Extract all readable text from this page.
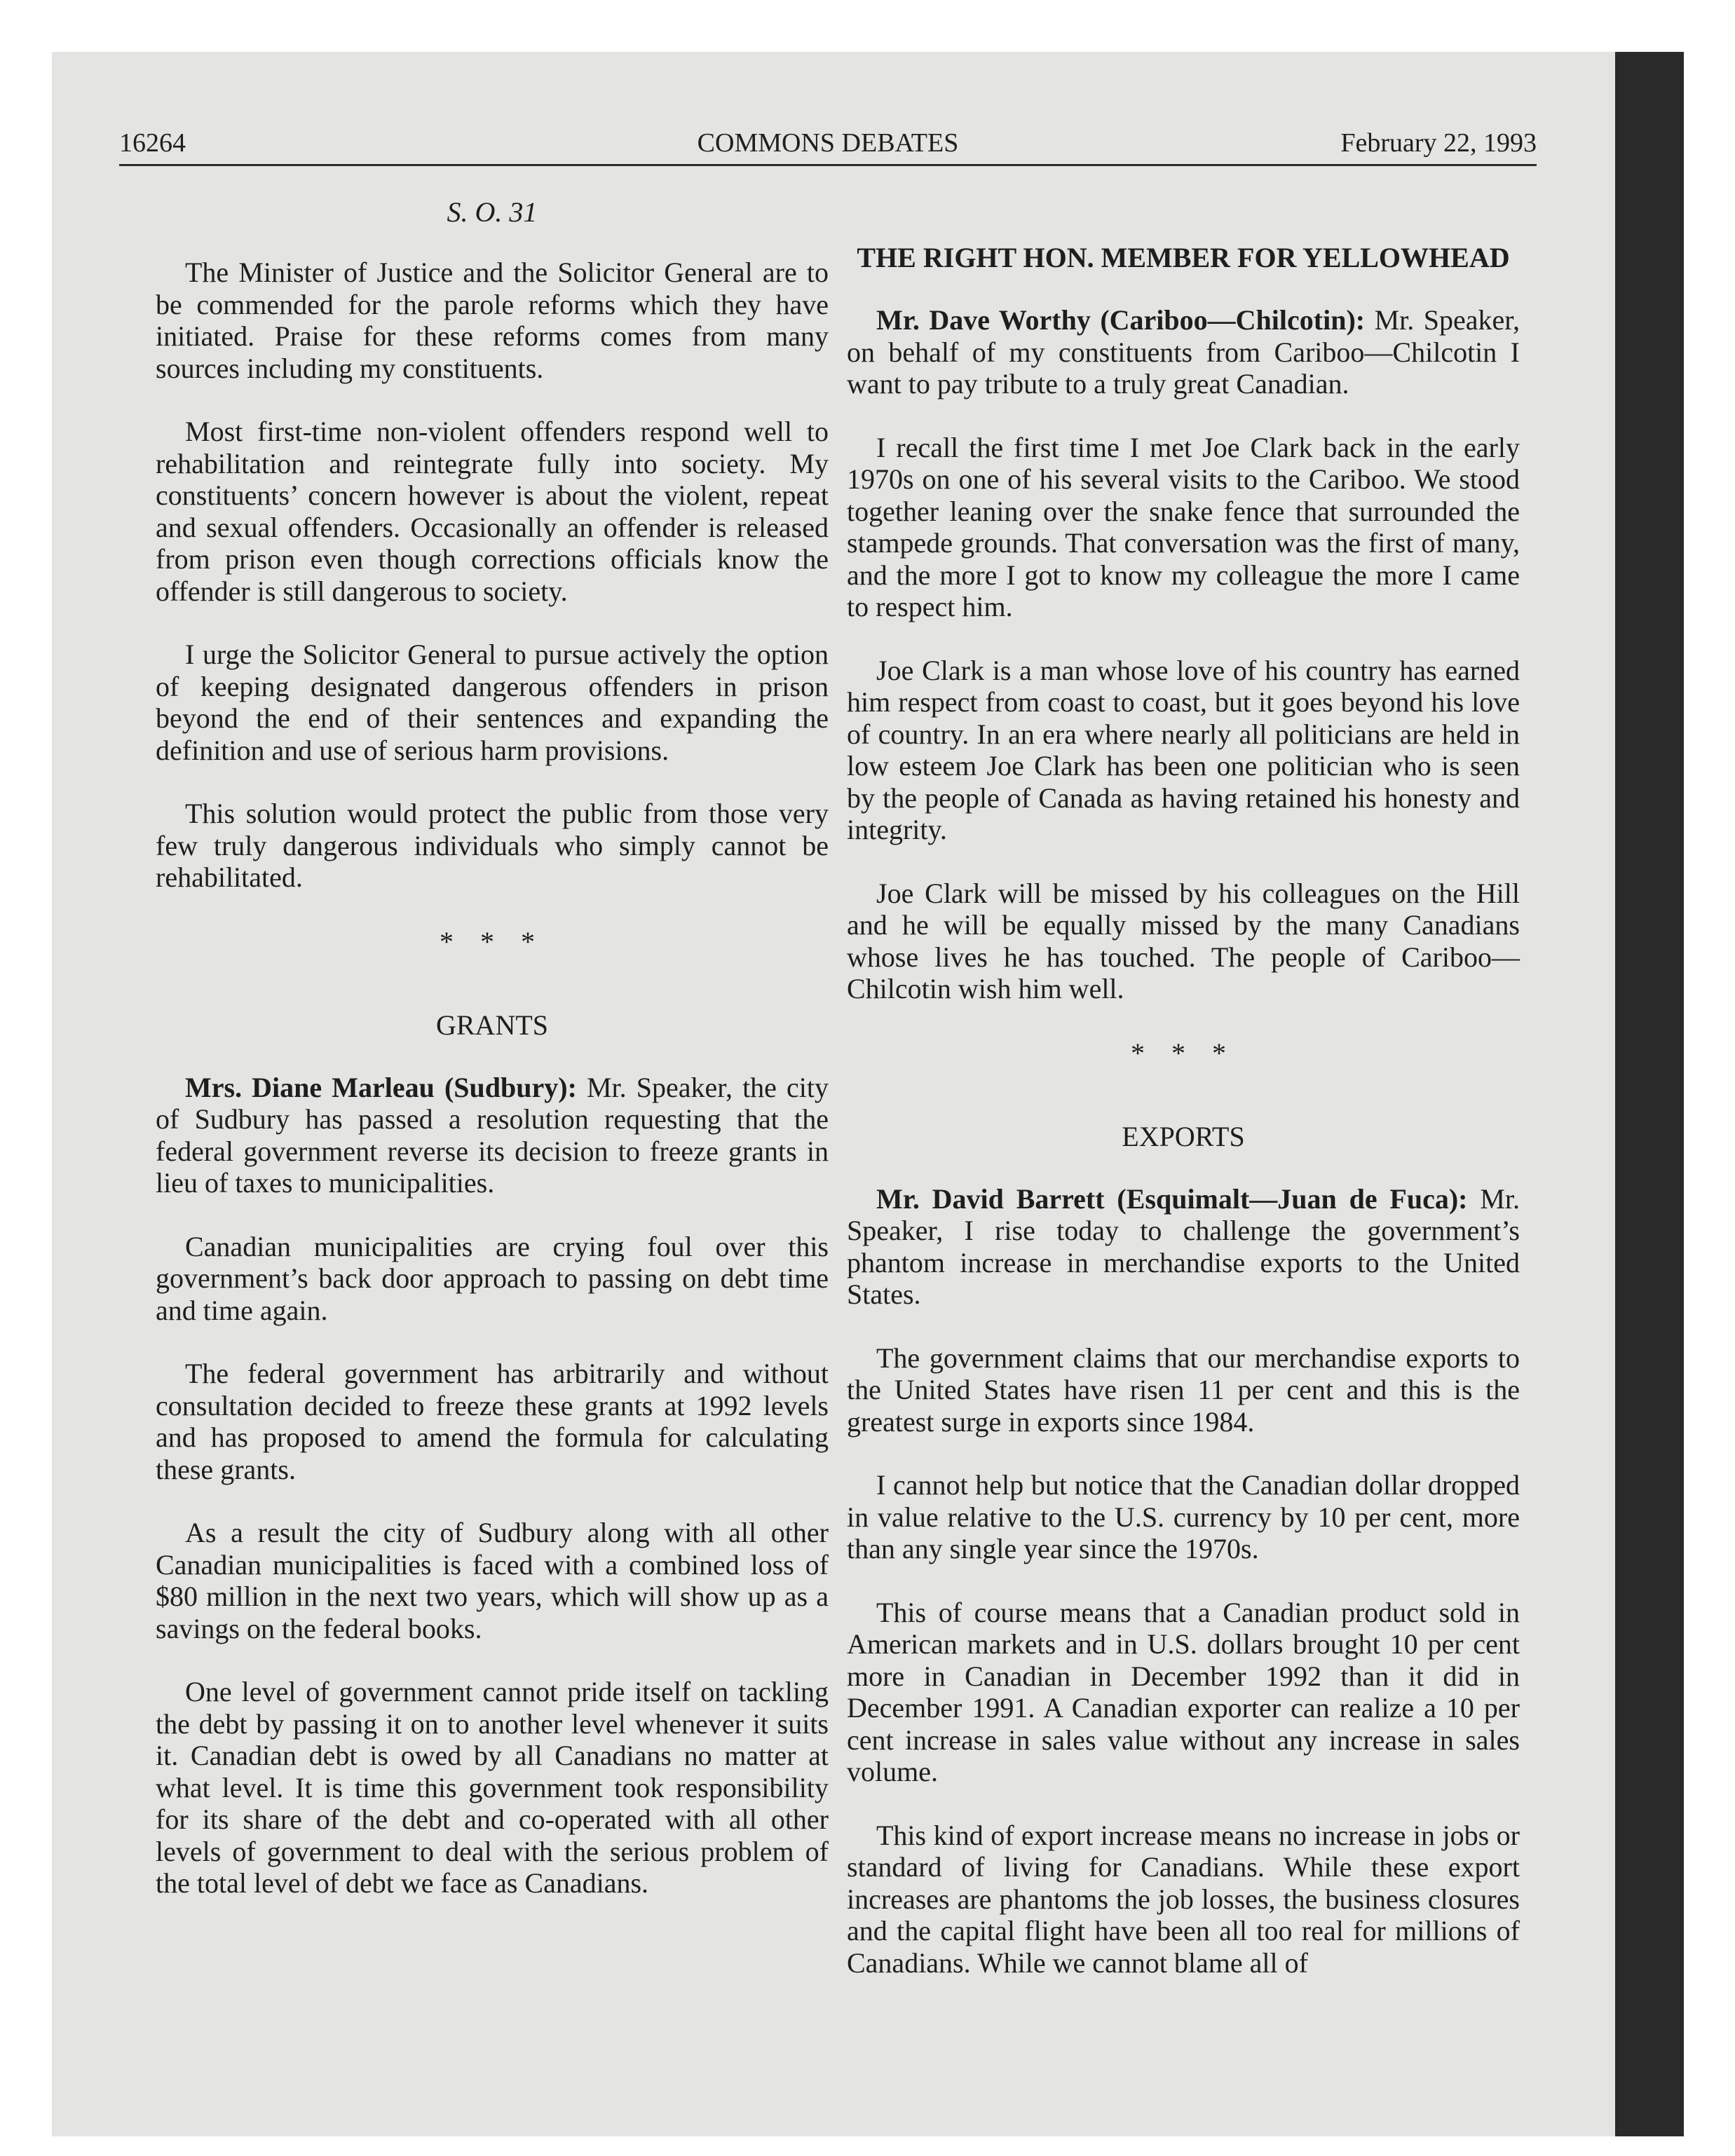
16264	COMMONS DEBATES	February 22, 1993
S. O. 31

The Minister of Justice and the Solicitor General are to be commended for the parole reforms which they have initiated. Praise for these reforms comes from many sources including my constituents.

Most first-time non-violent offenders respond well to rehabilitation and reintegrate fully into society. My constituents’ concern however is about the violent, repeat and sexual offenders. Occasionally an offender is released from prison even though corrections officials know the offender is still dangerous to society.

I urge the Solicitor General to pursue actively the option of keeping designated dangerous offenders in prison beyond the end of their sentences and expanding the definition and use of serious harm provisions.

This solution would protect the public from those very few truly dangerous individuals who simply cannot be rehabilitated.

* * *
GRANTS

Mrs. Diane Marleau (Sudbury): Mr. Speaker, the city of Sudbury has passed a resolution requesting that the federal government reverse its decision to freeze grants in lieu of taxes to municipalities.

Canadian municipalities are crying foul over this government’s back door approach to passing on debt time and time again.

The federal government has arbitrarily and without consultation decided to freeze these grants at 1992 levels and has proposed to amend the formula for calculating these grants.

As a result the city of Sudbury along with all other Canadian municipalities is faced with a combined loss of $80 million in the next two years, which will show up as a savings on the federal books.

One level of government cannot pride itself on tackling the debt by passing it on to another level whenever it suits it. Canadian debt is owed by all Canadians no matter at what level. It is time this government took responsibility for its share of the debt and co-operated with all other levels of government to deal with the serious problem of the total level of debt we face as Canadians.

THE RIGHT HON. MEMBER FOR YELLOWHEAD

Mr. Dave Worthy (Cariboo—Chilcotin): Mr. Speaker, on behalf of my constituents from Cariboo—Chilcotin I want to pay tribute to a truly great Canadian.

I recall the first time I met Joe Clark back in the early 1970s on one of his several visits to the Cariboo. We stood together leaning over the snake fence that surrounded the stampede grounds. That conversation was the first of many, and the more I got to know my colleague the more I came to respect him.

Joe Clark is a man whose love of his country has earned him respect from coast to coast, but it goes beyond his love of country. In an era where nearly all politicians are held in low esteem Joe Clark has been one politician who is seen by the people of Canada as having retained his honesty and integrity.

Joe Clark will be missed by his colleagues on the Hill and he will be equally missed by the many Canadians whose lives he has touched. The people of Cariboo—Chilcotin wish him well.

* * *
EXPORTS

Mr. David Barrett (Esquimalt—Juan de Fuca): Mr. Speaker, I rise today to challenge the government’s phantom increase in merchandise exports to the United States.

The government claims that our merchandise exports to the United States have risen 11 per cent and this is the greatest surge in exports since 1984.

I cannot help but notice that the Canadian dollar dropped in value relative to the U.S. currency by 10 per cent, more than any single year since the 1970s.

This of course means that a Canadian product sold in American markets and in U.S. dollars brought 10 per cent more in Canadian in December 1992 than it did in December 1991. A Canadian exporter can realize a 10 per cent increase in sales value without any increase in sales volume.

This kind of export increase means no increase in jobs or standard of living for Canadians. While these export increases are phantoms the job losses, the business closures and the capital flight have been all too real for millions of Canadians. While we cannot blame all of
